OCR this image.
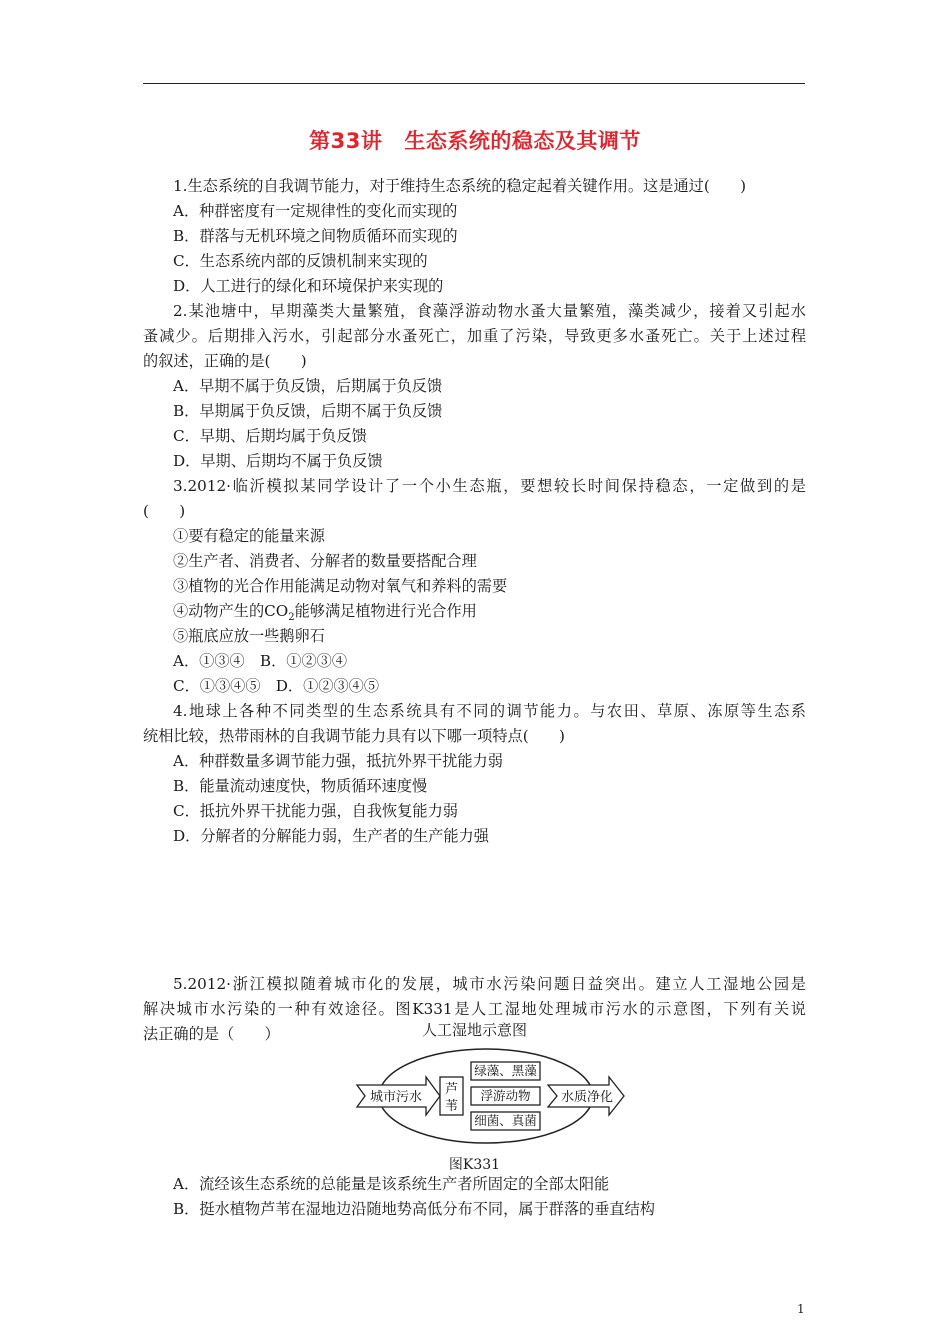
第33讲 生态系统的稳态及其调节
1.生态系统的自我调节能力，对于维持生态系统的稳定起着关键作用。这是通过(　　)
A．种群密度有一定规律性的变化而实现的
B．群落与无机环境之间物质循环而实现的
C．生态系统内部的反馈机制来实现的
D．人工进行的绿化和环境保护来实现的
2.某池塘中，早期藻类大量繁殖，食藻浮游动物水蚤大量繁殖，藻类减少，接着又引起水
蚤减少。后期排入污水，引起部分水蚤死亡，加重了污染，导致更多水蚤死亡。关于上述过程
的叙述，正确的是(　　)
A．早期不属于负反馈，后期属于负反馈
B．早期属于负反馈，后期不属于负反馈
C．早期、后期均属于负反馈
D．早期、后期均不属于负反馈
3.2012·临沂模拟某同学设计了一个小生态瓶，要想较长时间保持稳态，一定做到的是
(　　)
①要有稳定的能量来源
②生产者、消费者、分解者的数量要搭配合理
③植物的光合作用能满足动物对氧气和养料的需要
④动物产生的$CO_2$能够满足植物进行光合作用
⑤瓶底应放一些鹅卵石
A．①③④　B．①②③④
C．①③④⑤　D．①②③④⑤
4.地球上各种不同类型的生态系统具有不同的调节能力。与农田、草原、冻原等生态系
统相比较，热带雨林的自我调节能力具有以下哪一项特点(　　)
A．种群数量多调节能力强，抵抗外界干扰能力弱
B．能量流动速度快，物质循环速度慢
C．抵抗外界干扰能力强，自我恢复能力弱
D．分解者的分解能力弱，生产者的生产能力强
5.2012·浙江模拟随着城市化的发展，城市水污染问题日益突出。建立人工湿地公园是
解决城市水污染的一种有效途径。图K331是人工湿地处理城市污水的示意图，下列有关说
法正确的是（　　）	人工湿地示意图
城市污水
芦
苇
绿藻、黑藻
浮游动物
细菌、真菌
水质净化
图K331
A．流经该生态系统的总能量是该系统生产者所固定的全部太阳能
B．挺水植物芦苇在湿地边沿随地势高低分布不同，属于群落的垂直结构
1
